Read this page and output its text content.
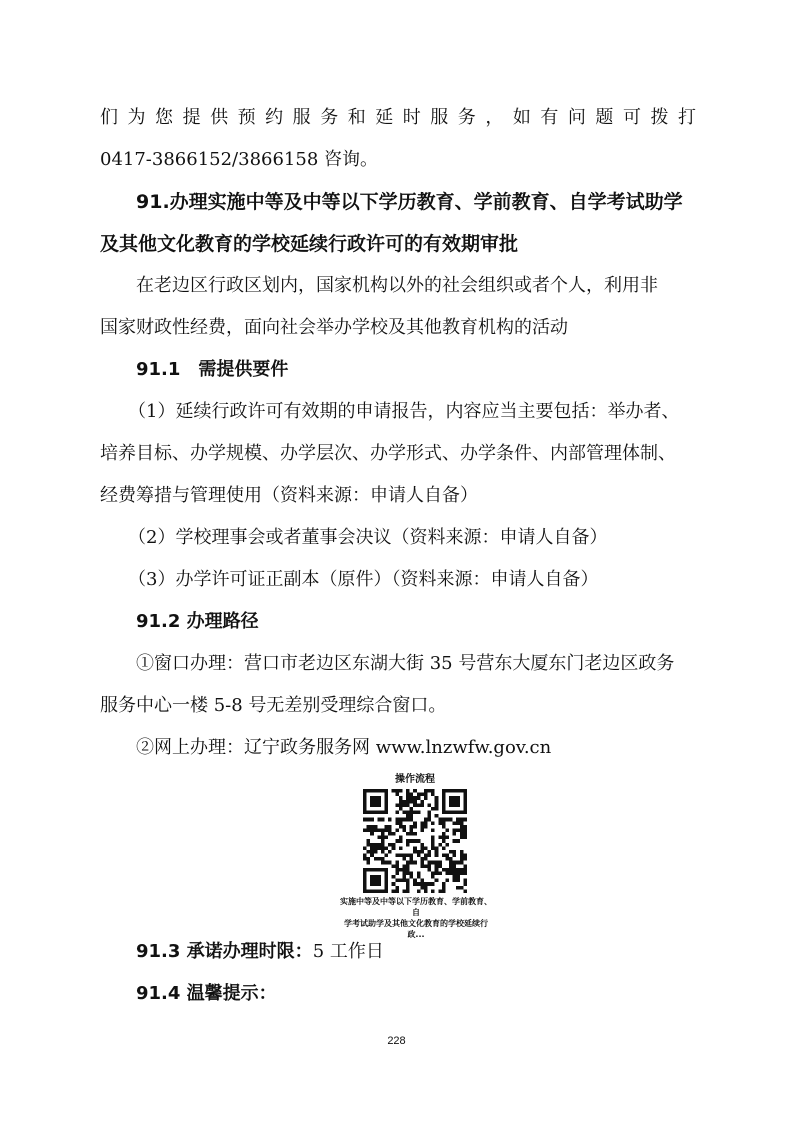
们为您提供预约服务和延时服务，如有问题可拨打
0417-3866152/3866158 咨询。
91.办理实施中等及中等以下学历教育、学前教育、自学考试助学
及其他文化教育的学校延续行政许可的有效期审批
在老边区行政区划内，国家机构以外的社会组织或者个人，利用非
国家财政性经费，面向社会举办学校及其他教育机构的活动
91.1　需提供要件
（1）延续行政许可有效期的申请报告，内容应当主要包括：举办者、
培养目标、办学规模、办学层次、办学形式、办学条件、内部管理体制、
经费筹措与管理使用（资料来源：申请人自备）
（2）学校理事会或者董事会决议（资料来源：申请人自备）
（3）办学许可证正副本（原件）（资料来源：申请人自备）
91.2 办理路径
①窗口办理：营口市老边区东湖大街 35 号营东大厦东门老边区政务
服务中心一楼 5-8 号无差别受理综合窗口。
②网上办理：辽宁政务服务网 www.lnzwfw.gov.cn
操作流程
实施中等及中等以下学历教育、学前教育、自
学考试助学及其他文化教育的学校延续行政...
91.3 承诺办理时限：5 工作日
91.4 温馨提示：
228
